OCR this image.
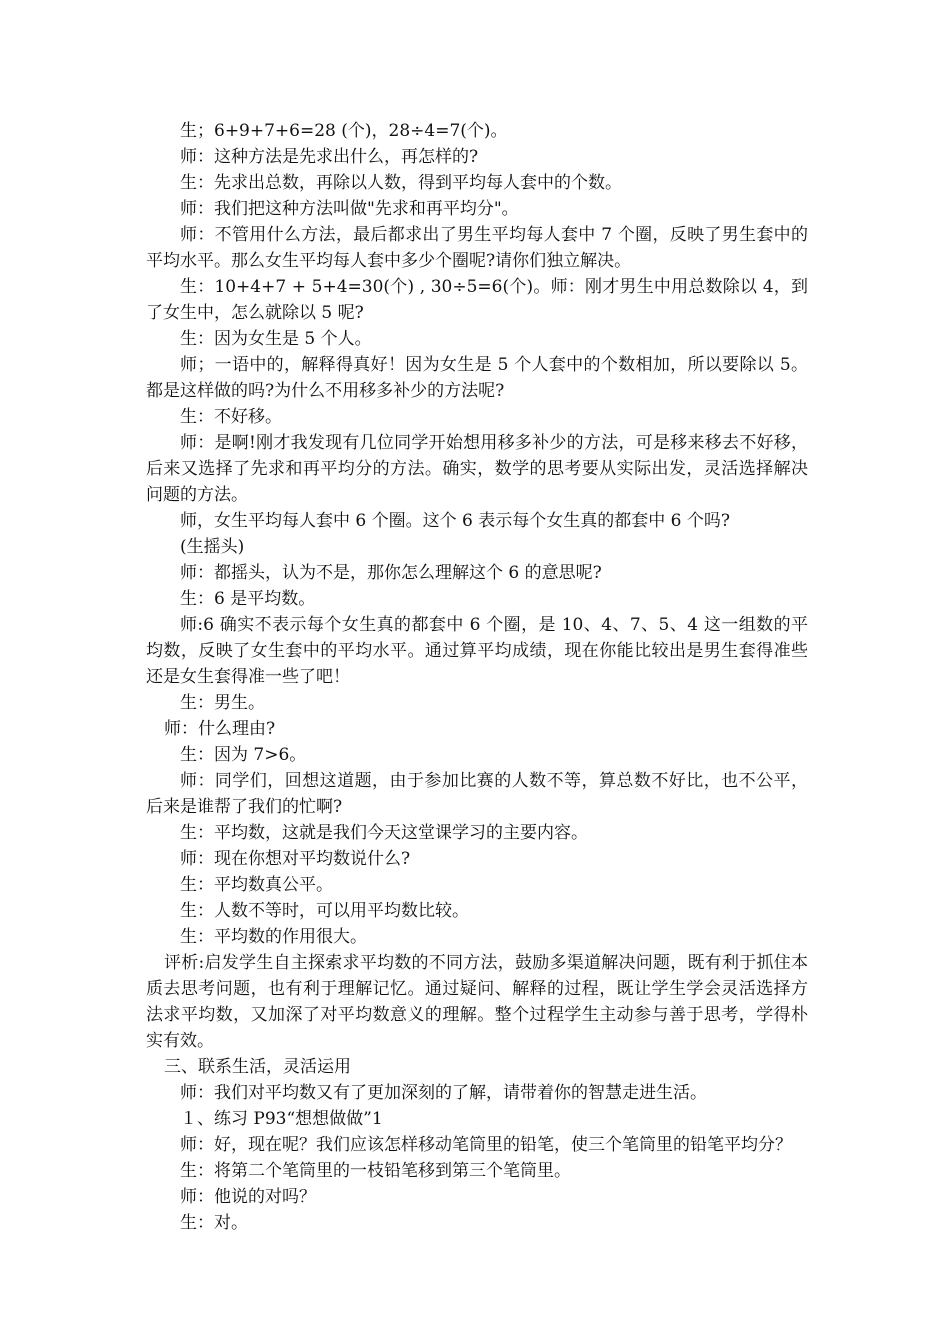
生；6+9+7+6=28 (个)，28÷4=7(个)。

师：这种方法是先求出什么，再怎样的?

生：先求出总数，再除以人数，得到平均每人套中的个数。

师：我们把这种方法叫做"先求和再平均分"。

师：不管用什么方法，最后都求出了男生平均每人套中 7 个圈，反映了男生套中的平均水平。那么女生平均每人套中多少个圈呢?请你们独立解决。

生：10+4+7 + 5+4=30(个) , 30÷5=6(个)。师：刚才男生中用总数除以 4，到了女生中，怎么就除以 5 呢?

生：因为女生是 5 个人。

师；一语中的，解释得真好！因为女生是 5 个人套中的个数相加，所以要除以 5。都是这样做的吗?为什么不用移多补少的方法呢?

生：不好移。

师：是啊!刚才我发现有几位同学开始想用移多补少的方法，可是移来移去不好移，后来又选择了先求和再平均分的方法。确实，数学的思考要从实际出发，灵活选择解决问题的方法。

师，女生平均每人套中 6 个圈。这个 6 表示每个女生真的都套中 6 个吗?

(生摇头)

师：都摇头，认为不是，那你怎么理解这个 6 的意思呢?

生：6 是平均数。

师:6 确实不表示每个女生真的都套中 6 个圈，是 10、4、7、5、4 这一组数的平均数，反映了女生套中的平均水平。通过算平均成绩，现在你能比较出是男生套得准些还是女生套得准一些了吧！

生：男生。

师：什么理由?

生：因为 7>6。

师：同学们，回想这道题，由于参加比赛的人数不等，算总数不好比，也不公平，后来是谁帮了我们的忙啊?

生：平均数，这就是我们今天这堂课学习的主要内容。

师：现在你想对平均数说什么?

生：平均数真公平。

生：人数不等时，可以用平均数比较。

生：平均数的作用很大。

评析:启发学生自主探索求平均数的不同方法，鼓励多渠道解决问题，既有利于抓住本质去思考问题，也有利于理解记忆。通过疑问、解释的过程，既让学生学会灵活选择方法求平均数，又加深了对平均数意义的理解。整个过程学生主动参与善于思考，学得朴实有效。

三、联系生活，灵活运用

师：我们对平均数又有了更加深刻的了解，请带着你的智慧走进生活。

１、练习 P93“想想做做”1

师：好，现在呢？我们应该怎样移动笔筒里的铅笔，使三个笔筒里的铅笔平均分？

生：将第二个笔筒里的一枝铅笔移到第三个笔筒里。

师：他说的对吗？

生：对。
